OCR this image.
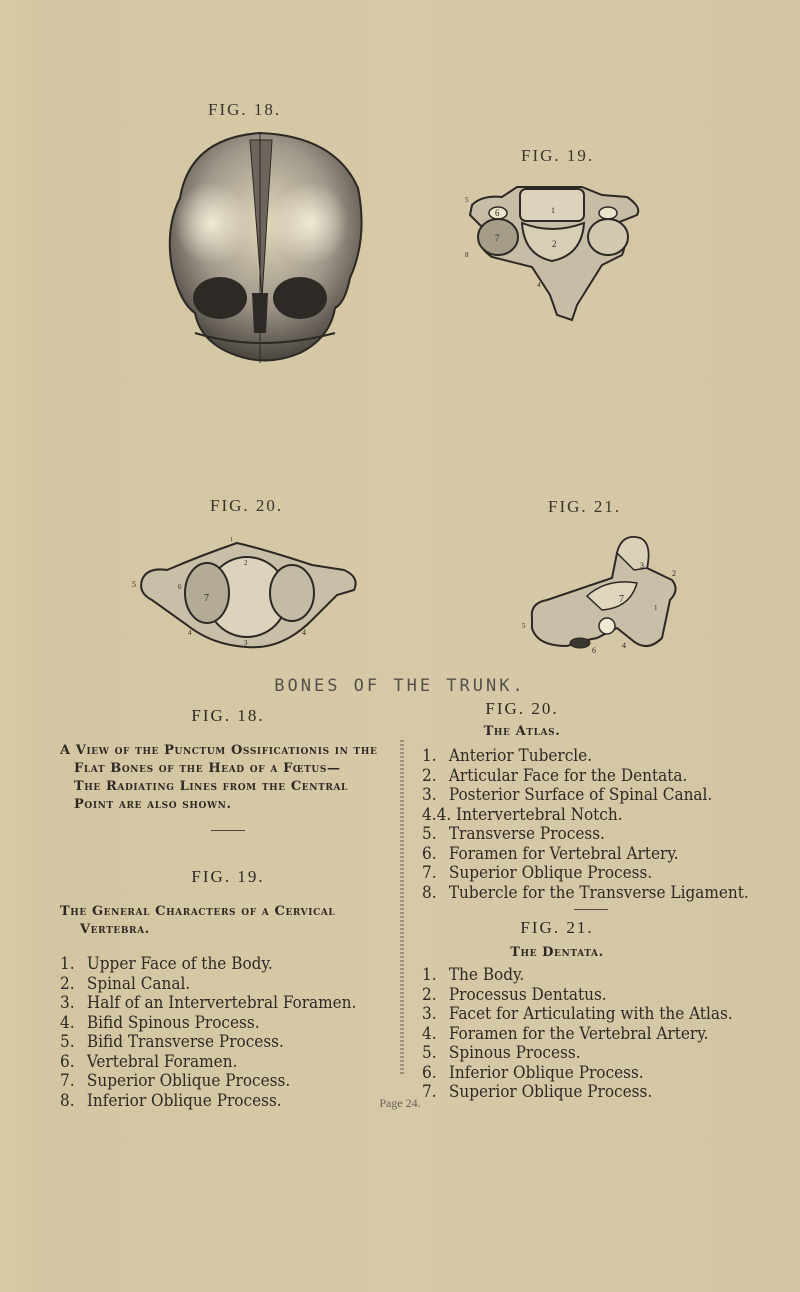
FIG. 18.
FIG. 19.
1
2
6
7
5
8
4
FIG. 20.
7
2
3
5	6
4	4
1
FIG. 21.
3
2
7
1
5
4
6
BONES OF THE TRUNK.

FIG. 18.

A View of the Punctum Ossificationis in the
Flat Bones of the Head of a Fœtus—
The Radiating Lines from the Central
Point are also shown.

FIG. 19.

The General Characters of a Cervical
Vertebra.
1. Upper Face of the Body.
2. Spinal Canal.
3. Half of an Intervertebral Foramen.
4. Bifid Spinous Process.
5. Bifid Transverse Process.
6. Vertebral Foramen.
7. Superior Oblique Process.
8. Inferior Oblique Process.

FIG. 20.

The Atlas.
1. Anterior Tubercle.
2. Articular Face for the Dentata.
3. Posterior Surface of Spinal Canal.
4.4. Intervertebral Notch.
5. Transverse Process.
6. Foramen for Vertebral Artery.
7. Superior Oblique Process.
8. Tubercle for the Transverse Ligament.

FIG. 21.

The Dentata.
1. The Body.
2. Processus Dentatus.
3. Facet for Articulating with the Atlas.
4. Foramen for the Vertebral Artery.
5. Spinous Process.
6. Inferior Oblique Process.
7. Superior Oblique Process.
Page 24.
